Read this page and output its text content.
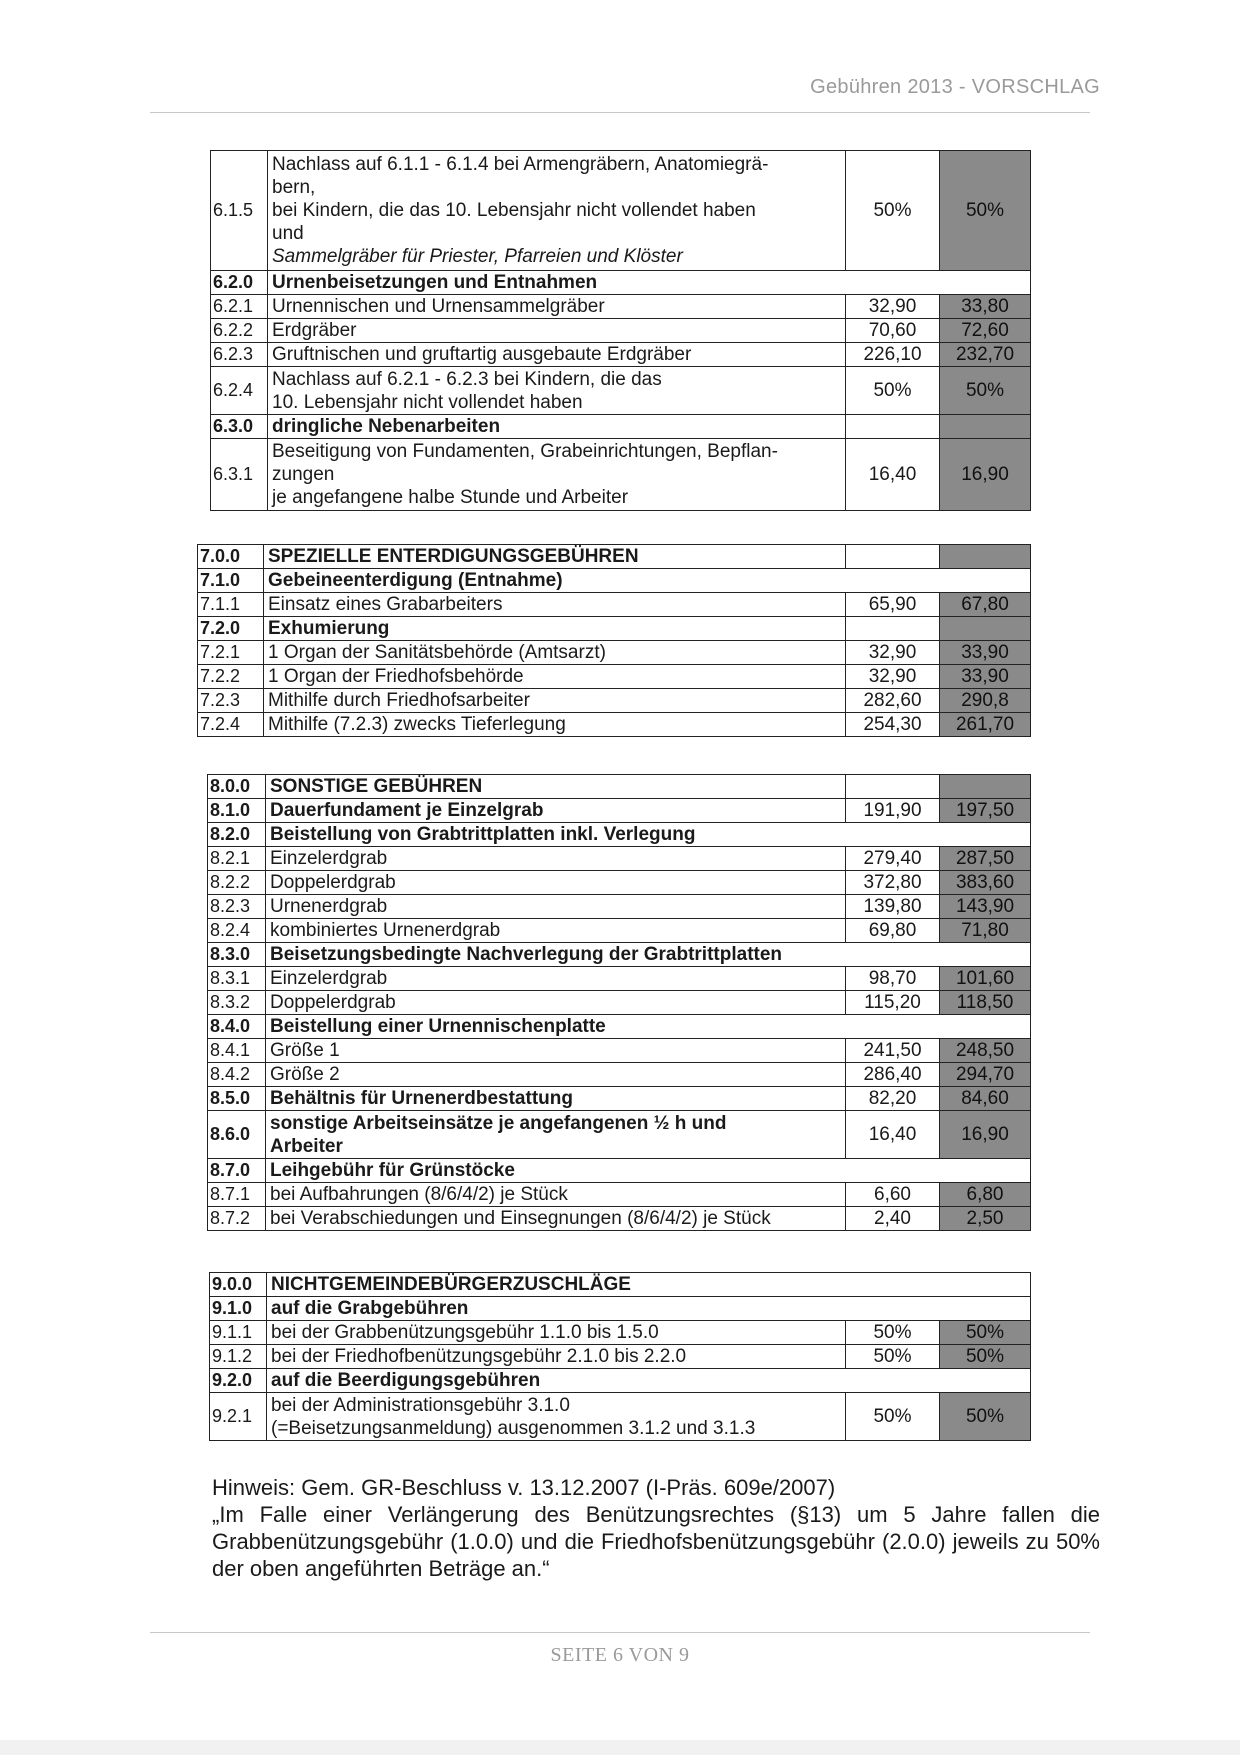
Gebühren 2013 - VORSCHLAG
6.1.5	Nachlass auf 6.1.1 - 6.1.4 bei Armengräbern, Anatomiegrä-
bern,
bei Kindern, die das 10. Lebensjahr nicht vollendet haben
und
Sammelgräber für Priester, Pfarreien und Klöster	50%	50%
6.2.0	Urnenbeisetzungen und Entnahmen		
6.2.1	Urnennischen und Urnensammelgräber	32,90	33,80
6.2.2	Erdgräber	70,60	72,60
6.2.3	Gruftnischen und gruftartig ausgebaute Erdgräber	226,10	232,70
6.2.4	Nachlass auf 6.2.1 - 6.2.3 bei Kindern, die das
10. Lebensjahr nicht vollendet haben	50%	50%
6.3.0	dringliche Nebenarbeiten		
6.3.1	Beseitigung von Fundamenten, Grabeinrichtungen, Bepflan-
zungen
je angefangene halbe Stunde und Arbeiter	16,40	16,90
7.0.0	SPEZIELLE ENTERDIGUNGSGEBÜHREN		
7.1.0	Gebeineenterdigung (Entnahme)		
7.1.1	Einsatz eines Grabarbeiters	65,90	67,80
7.2.0	Exhumierung		
7.2.1	1 Organ der Sanitätsbehörde (Amtsarzt)	32,90	33,90
7.2.2	1 Organ der Friedhofsbehörde	32,90	33,90
7.2.3	Mithilfe durch Friedhofsarbeiter	282,60	290,8
7.2.4	Mithilfe (7.2.3) zwecks Tieferlegung	254,30	261,70
8.0.0	SONSTIGE GEBÜHREN		
8.1.0	Dauerfundament je Einzelgrab	191,90	197,50
8.2.0	Beistellung von Grabtrittplatten inkl. Verlegung		
8.2.1	Einzelerdgrab	279,40	287,50
8.2.2	Doppelerdgrab	372,80	383,60
8.2.3	Urnenerdgrab	139,80	143,90
8.2.4	kombiniertes Urnenerdgrab	69,80	71,80
8.3.0	Beisetzungsbedingte Nachverlegung der Grabtrittplatten		
8.3.1	Einzelerdgrab	98,70	101,60
8.3.2	Doppelerdgrab	115,20	118,50
8.4.0	Beistellung einer Urnennischenplatte		
8.4.1	Größe 1	241,50	248,50
8.4.2	Größe 2	286,40	294,70
8.5.0	Behältnis für Urnenerdbestattung	82,20	84,60
8.6.0	sonstige Arbeitseinsätze je angefangenen ½ h und
Arbeiter	16,40	16,90
8.7.0	Leihgebühr für Grünstöcke		
8.7.1	bei Aufbahrungen (8/6/4/2) je Stück	6,60	6,80
8.7.2	bei Verabschiedungen und Einsegnungen (8/6/4/2) je Stück	2,40	2,50
9.0.0	NICHTGEMEINDEBÜRGERZUSCHLÄGE		
9.1.0	auf die Grabgebühren		
9.1.1	bei der Grabbenützungsgebühr 1.1.0 bis 1.5.0	50%	50%
9.1.2	bei der Friedhofbenützungsgebühr 2.1.0 bis 2.2.0	50%	50%
9.2.0	auf die Beerdigungsgebühren		
9.2.1	bei der Administrationsgebühr 3.1.0
(=Beisetzungsanmeldung) ausgenommen 3.1.2 und 3.1.3	50%	50%

Hinweis: Gem. GR-Beschluss v. 13.12.2007 (I-Präs. 609e/2007)

„Im Falle einer Verlängerung des Benützungsrechtes (§13) um 5 Jahre fallen die Grabbenützungsgebühr (1.0.0) und die Friedhofsbenützungsgebühr (2.0.0) jeweils zu 50% der oben angeführten Beträge an.“

SEITE 6 VON 9
